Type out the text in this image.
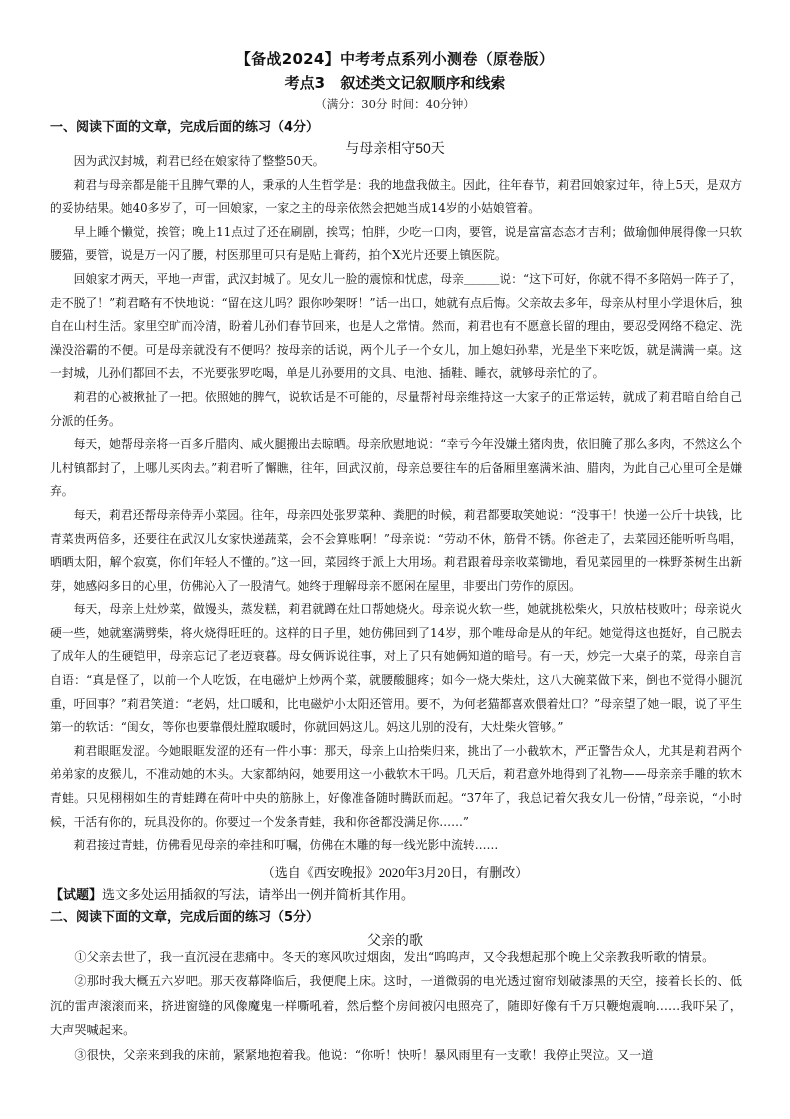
【备战2024】中考考点系列小测卷（原卷版）
考点3 叙述类文记叙顺序和线索
（满分：30分 时间：40分钟）
一、阅读下面的文章，完成后面的练习（4分）
与母亲相守50天

因为武汉封城，莉君已经在娘家待了整整50天。

莉君与母亲都是能干且脾气犟的人，秉承的人生哲学是：我的地盘我做主。因此，往年春节，莉君回娘家过年，待上5天，是双方的妥协结果。她40多岁了，可一回娘家，一家之主的母亲依然会把她当成14岁的小姑娘管着。

早上睡个懒觉，挨管；晚上11点过了还在刷剧，挨骂；怕胖，少吃一口肉，要管，说是富富态态才吉利；做瑜伽伸展得像一只软腰猫，要管，说是万一闪了腰，村医那里可只有是贴上膏药，拍个X光片还要上镇医院。

回娘家才两天，平地一声雷，武汉封城了。见女儿一脸的震惊和忧虑，母亲＿＿＿说：“这下可好，你就不得不多陪妈一阵子了，走不脱了！”莉君略有不快地说：“留在这儿吗？跟你吵架呀！”话一出口，她就有点后悔。父亲故去多年，母亲从村里小学退休后，独自在山村生活。家里空旷而冷清，盼着儿孙们春节回来，也是人之常情。然而，莉君也有不愿意长留的理由，要忍受网络不稳定、洗澡没浴霸的不便。可是母亲就没有不便吗？按母亲的话说，两个儿子一个女儿，加上媳妇孙辈，光是坐下来吃饭，就是满满一桌。这一封城，儿孙们都回不去，不光要张罗吃喝，单是儿孙要用的文具、电池、插鞋、睡衣，就够母亲忙的了。

莉君的心被揪扯了一把。依照她的脾气，说软话是不可能的，尽量帮衬母亲维持这一大家子的正常运转，就成了莉君暗自给自己分派的任务。

每天，她帮母亲将一百多斤腊肉、咸火腿搬出去晾晒。母亲欣慰地说：“幸亏今年没嫌土猪肉贵，依旧腌了那么多肉，不然这么个儿村镇都封了，上哪儿买肉去。”莉君听了懈瞧，往年，回武汉前，母亲总要往车的后备厢里塞满米油、腊肉，为此自己心里可全是嫌弃。

每天，莉君还帮母亲侍弄小菜园。往年，母亲四处张罗菜种、粪肥的时候，莉君都要取笑她说：“没事干！快递一公斤十块钱，比青菜贵两倍多，还要往在武汉儿女家快递蔬菜，会不会算账啊！”母亲说：“劳动不休，筋骨不锈。你爸走了，去菜园还能听听鸟唱，晒晒太阳，解个寂寞，你们年轻人不懂的。”这一回，菜园终于派上大用场。莉君跟着母亲收菜锄地，看见菜园里的一株野茶树生出新芽，她感闷多日的心里，仿佛沁入了一股清气。她终于理解母亲不愿闲在屋里，非要出门劳作的原因。

每天，母亲上灶炒菜，做馒头，蒸发糕，莉君就蹲在灶口帮她烧火。母亲说火软一些，她就挑松柴火，只放枯枝败叶；母亲说火硬一些，她就塞满劈柴，将火烧得旺旺的。这样的日子里，她仿佛回到了14岁，那个唯母命是从的年纪。她觉得这也挺好，自己脱去了成年人的生硬铠甲，母亲忘记了老迈衰暮。母女俩诉说往事，对上了只有她俩知道的暗号。有一天，炒完一大桌子的菜，母亲自言自语：“真是怪了，以前一个人吃饭，在电磁炉上炒两个菜，就腰酸腿疼；如今一烧大柴灶，这八大碗菜做下来，倒也不觉得小腿沉重，吁回事？”莉君笑道：“老妈，灶口暖和，比电磁炉小太阳还管用。要不，为何老猫都喜欢偎着灶口？”母亲望了她一眼，说了平生第一的软话：“闺女，等你也要靠偎灶膛取暖时，你就回妈这儿。妈这儿别的没有，大灶柴火管够。”

莉君眼眶发涩。今她眼眶发涩的还有一件小事：那天，母亲上山拾柴归来，挑出了一小截软木，严正警告众人，尤其是莉君两个弟弟家的皮猴儿，不准动她的木头。大家都纳闷，她要用这一小截软木干吗。几天后，莉君意外地得到了礼物——母亲亲手雕的软木青蛙。只见栩栩如生的青蛙蹲在荷叶中央的筋脉上，好像准备随时腾跃而起。“37年了，我总记着欠我女儿一份情，”母亲说，“小时候，干活有你的，玩具没你的。你要过一个发条青蛙，我和你爸都没满足你……”

莉君接过青蛙，仿佛看见母亲的牵挂和叮嘱，仿佛在木雕的每一线光影中流转……

（选自《西安晚报》2020年3月20日，有删改）
【试题】选文多处运用插叙的写法，请举出一例并简析其作用。
二、阅读下面的文章，完成后面的练习（5分）
父亲的歌

①父亲去世了，我一直沉浸在悲痛中。冬天的寒风吹过烟囱，发出“呜呜声，又令我想起那个晚上父亲教我听歌的情景。

②那时我大概五六岁吧。那天夜幕降临后，我便爬上床。这时，一道微弱的电光透过窗帘划破漆黑的天空，接着长长的、低沉的雷声滚滚而来，挤进窗缝的风像魔鬼一样嘶吼着，然后整个房间被闪电照亮了，随即好像有千万只鞭炮震响……我吓呆了，大声哭喊起来。

③很快，父亲来到我的床前，紧紧地抱着我。他说：“你听！快听！暴风雨里有一支歌！我停止哭泣。又一道
